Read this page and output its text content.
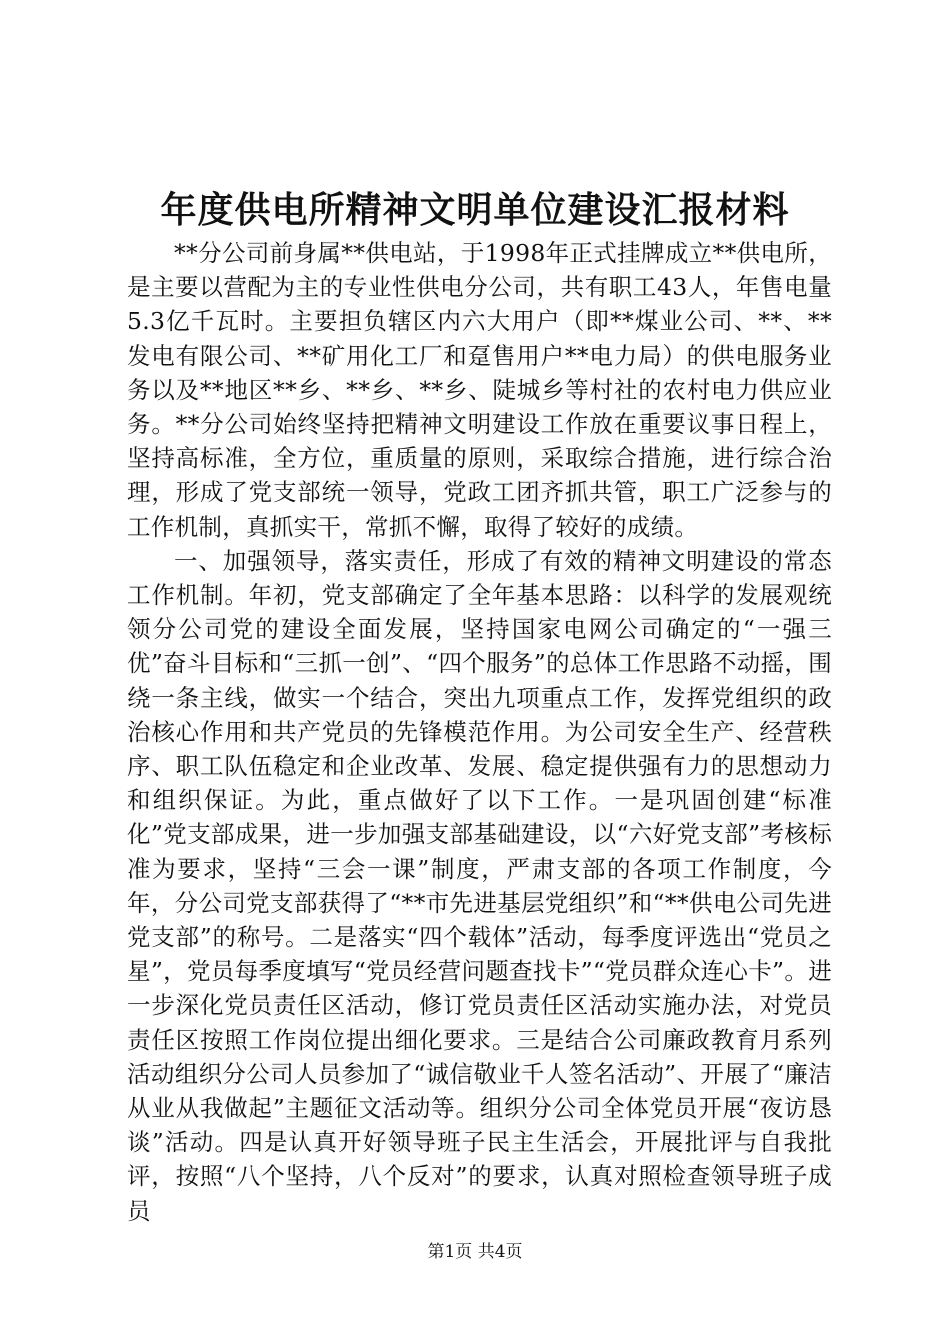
年度供电所精神文明单位建设汇报材料

**分公司前身属**供电站，于1998年正式挂牌成立**供电所，是主要以营配为主的专业性供电分公司，共有职工43人，年售电量5.3亿千瓦时。主要担负辖区内六大用户（即**煤业公司、**、**发电有限公司、**矿用化工厂和趸售用户**电力局）的供电服务业务以及**地区**乡、**乡、**乡、陡城乡等村社的农村电力供应业务。**分公司始终坚持把精神文明建设工作放在重要议事日程上，坚持高标准，全方位，重质量的原则，采取综合措施，进行综合治理，形成了党支部统一领导，党政工团齐抓共管，职工广泛参与的工作机制，真抓实干，常抓不懈，取得了较好的成绩。

一、加强领导，落实责任，形成了有效的精神文明建设的常态工作机制。年初，党支部确定了全年基本思路：以科学的发展观统领分公司党的建设全面发展，坚持国家电网公司确定的“一强三优”奋斗目标和“三抓一创”、“四个服务”的总体工作思路不动摇，围绕一条主线，做实一个结合，突出九项重点工作，发挥党组织的政治核心作用和共产党员的先锋模范作用。为公司安全生产、经营秩序、职工队伍稳定和企业改革、发展、稳定提供强有力的思想动力和组织保证。为此，重点做好了以下工作。一是巩固创建“标准化”党支部成果，进一步加强支部基础建设，以“六好党支部”考核标准为要求，坚持“三会一课”制度，严肃支部的各项工作制度，今年，分公司党支部获得了“**市先进基层党组织”和“**供电公司先进党支部”的称号。二是落实“四个载体”活动，每季度评选出“党员之星”，党员每季度填写“党员经营问题查找卡”“党员群众连心卡”。进一步深化党员责任区活动，修订党员责任区活动实施办法，对党员责任区按照工作岗位提出细化要求。三是结合公司廉政教育月系列活动组织分公司人员参加了“诚信敬业千人签名活动”、开展了“廉洁从业从我做起”主题征文活动等。组织分公司全体党员开展“夜访恳谈”活动。四是认真开好领导班子民主生活会，开展批评与自我批评，按照“八个坚持，八个反对”的要求，认真对照检查领导班子成员

第1页 共4页
